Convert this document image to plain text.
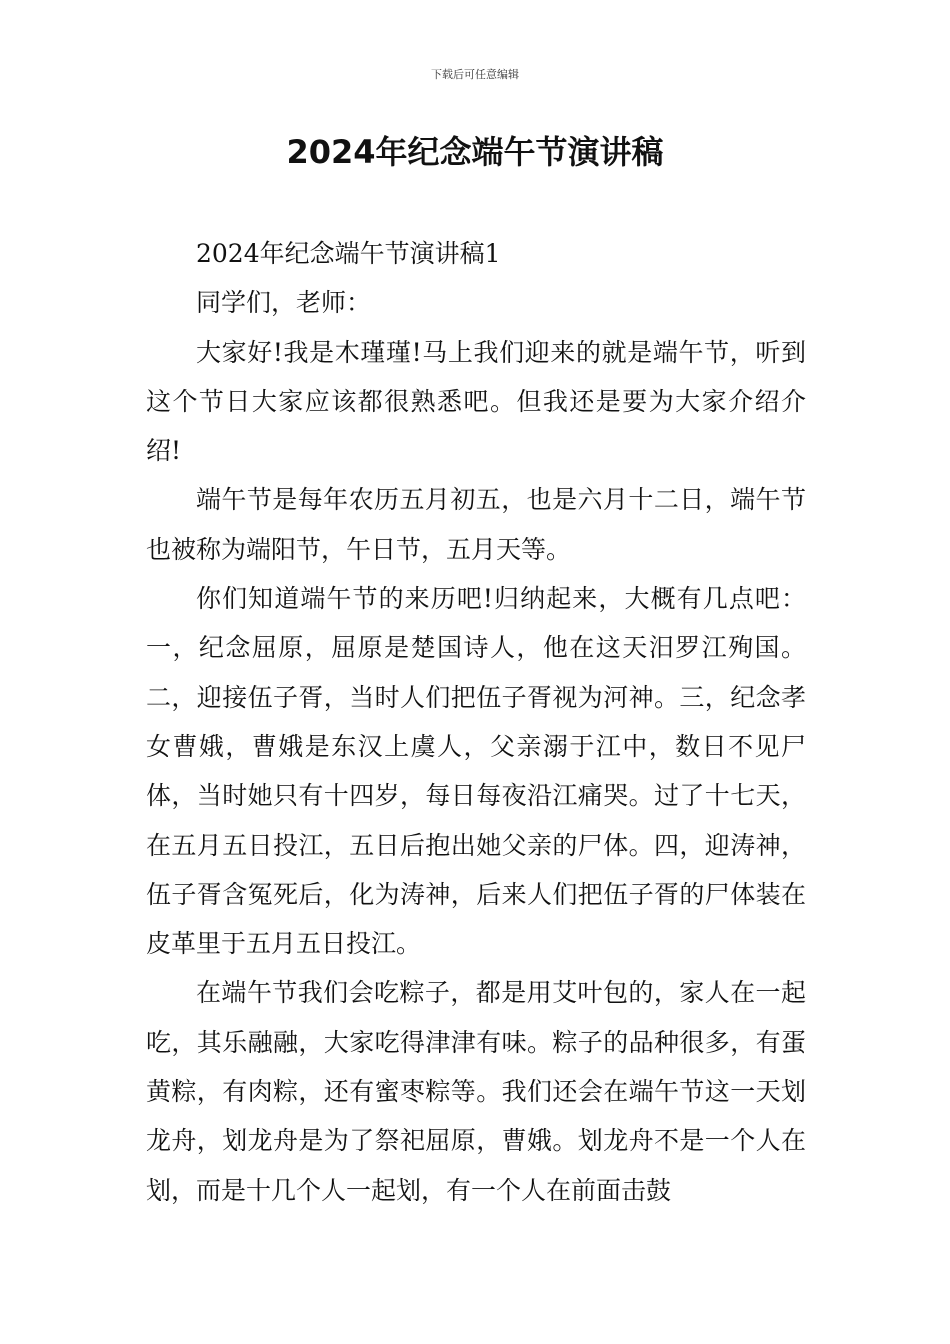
下载后可任意编辑
2024年纪念端午节演讲稿

2024年纪念端午节演讲稿1

同学们，老师：

大家好!我是木瑾瑾!马上我们迎来的就是端午节，听到这个节日大家应该都很熟悉吧。但我还是要为大家介绍介绍!

端午节是每年农历五月初五，也是六月十二日，端午节也被称为端阳节，午日节，五月天等。

你们知道端午节的来历吧!归纳起来，大概有几点吧：一，纪念屈原，屈原是楚国诗人，他在这天汨罗江殉国。二，迎接伍子胥，当时人们把伍子胥视为河神。三，纪念孝女曹娥，曹娥是东汉上虞人，父亲溺于江中，数日不见尸体，当时她只有十四岁，每日每夜沿江痛哭。过了十七天，在五月五日投江，五日后抱出她父亲的尸体。四，迎涛神，伍子胥含冤死后，化为涛神，后来人们把伍子胥的尸体装在皮革里于五月五日投江。

在端午节我们会吃粽子，都是用艾叶包的，家人在一起吃，其乐融融，大家吃得津津有味。粽子的品种很多，有蛋黄粽，有肉粽，还有蜜枣粽等。我们还会在端午节这一天划龙舟，划龙舟是为了祭祀屈原，曹娥。划龙舟不是一个人在划，而是十几个人一起划，有一个人在前面击鼓
